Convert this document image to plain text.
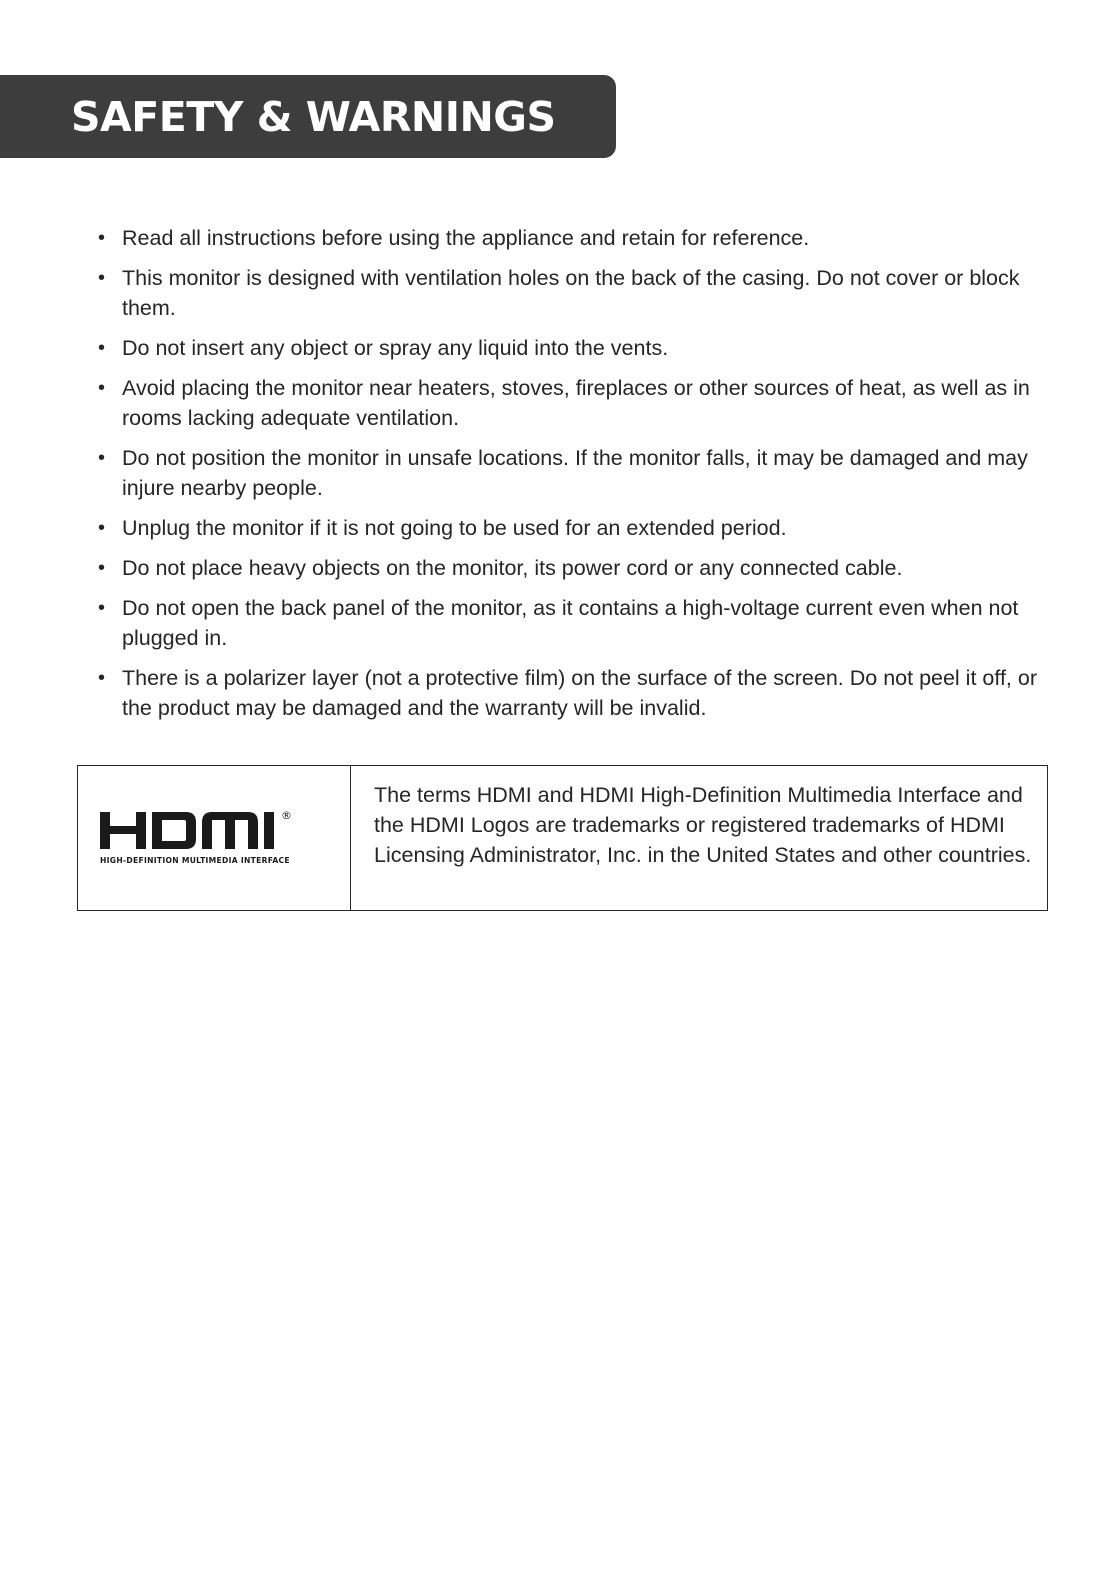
SAFETY & WARNINGS
• Read all instructions before using the appliance and retain for reference.
• This monitor is designed with ventilation holes on the back of the casing. Do not cover or block them.
• Do not insert any object or spray any liquid into the vents.
• Avoid placing the monitor near heaters, stoves, fireplaces or other sources of heat, as well as in rooms lacking adequate ventilation.
• Do not position the monitor in unsafe locations. If the monitor falls, it may be damaged and may injure nearby people.
• Unplug the monitor if it is not going to be used for an extended period.
• Do not place heavy objects on the monitor, its power cord or any connected cable.
• Do not open the back panel of the monitor, as it contains a high-voltage current even when not plugged in.
• There is a polarizer layer (not a protective film) on the surface of the screen. Do not peel it off, or the product may be damaged and the warranty will be invalid.
®
HIGH-DEFINITION MULTIMEDIA INTERFACE
The terms HDMI and HDMI High-Definition Multimedia Interface and the HDMI Logos are trademarks or registered trademarks of HDMI Licensing Administrator, Inc. in the United States and other countries.
